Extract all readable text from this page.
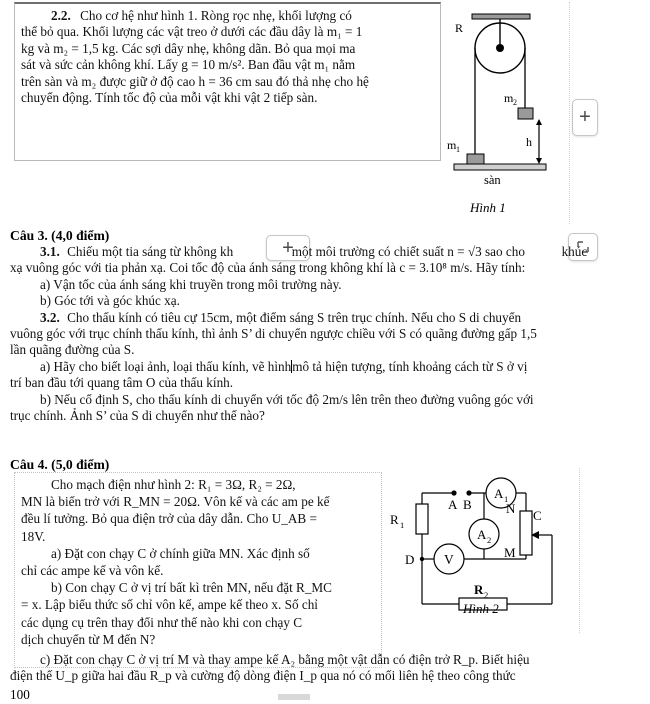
2.2. Cho cơ hệ như hình 1. Ròng rọc nhẹ, khối lượng có

thể bỏ qua. Khối lượng các vật treo ở dưới các đầu dây là m₁ = 1

kg và m₂ = 1,5 kg. Các sợi dây nhẹ, không dãn. Bỏ qua mọi ma

sát và sức cản không khí. Lấy g = 10 m/s². Ban đầu vật m₁ nằm

trên sàn và m₂ được giữ ở độ cao h = 36 cm sau đó thả nhẹ cho hệ

chuyển động. Tính tốc độ của mỗi vật khi vật 2 tiếp sàn.

R
m 2
m 1
h
sàn
Hình 1
+
+
Câu 3. (4,0 điểm)

3.1. Chiếu một tia sáng từ không kh	một môi trường có chiết suất n = √3 sao cho	khúc

xạ vuông góc với tia phản xạ. Coi tốc độ của ánh sáng trong không khí là c = 3.10⁸ m/s. Hãy tính:

a) Vận tốc của ánh sáng khi truyền trong môi trường này.

b) Góc tới và góc khúc xạ.

3.2. Cho thấu kính có tiêu cự 15cm, một điểm sáng S trên trục chính. Nếu cho S di chuyển

vuông góc với trục chính thấu kính, thì ảnh S’ di chuyển ngược chiều với S có quãng đường gấp 1,5

lần quãng đường của S.

a) Hãy cho biết loại ảnh, loại thấu kính, vẽ hìnhmô tả hiện tượng, tính khoảng cách từ S ở vị

trí ban đầu tới quang tâm O của thấu kính.

b) Nếu cố định S, cho thấu kính di chuyển với tốc độ 2m/s lên trên theo đường vuông góc với

trục chính. Ảnh S’ của S di chuyển như thế nào?

Câu 4. (5,0 điểm)

Cho mạch điện như hình 2: R₁ = 3Ω, R₂ = 2Ω,

MN là biến trở với R_MN = 20Ω. Vôn kế và các am pe kế

đều lí tưởng. Bỏ qua điện trở của dây dẫn. Cho U_AB =

18V.

a) Đặt con chạy C ở chính giữa MN. Xác định số

chỉ các ampe kế và vôn kế.

b) Con chạy C ở vị trí bất kì trên MN, nếu đặt R_MC

= x. Lập biểu thức số chỉ vôn kế, ampe kế theo x. Số chỉ

các dụng cụ trên thay đổi như thế nào khi con chạy C

dịch chuyển từ M đến N?

R 1
R 2
A 1
A 2
V
A B
C
D	M
N
Hình 2

c) Đặt con chạy C ở vị trí M và thay ampe kế A₂ bằng một vật dẫn có điện trở R_p. Biết hiệu

điện thế U_p giữa hai đầu R_p và cường độ dòng điện I_p qua nó có mối liên hệ theo công thức

100
